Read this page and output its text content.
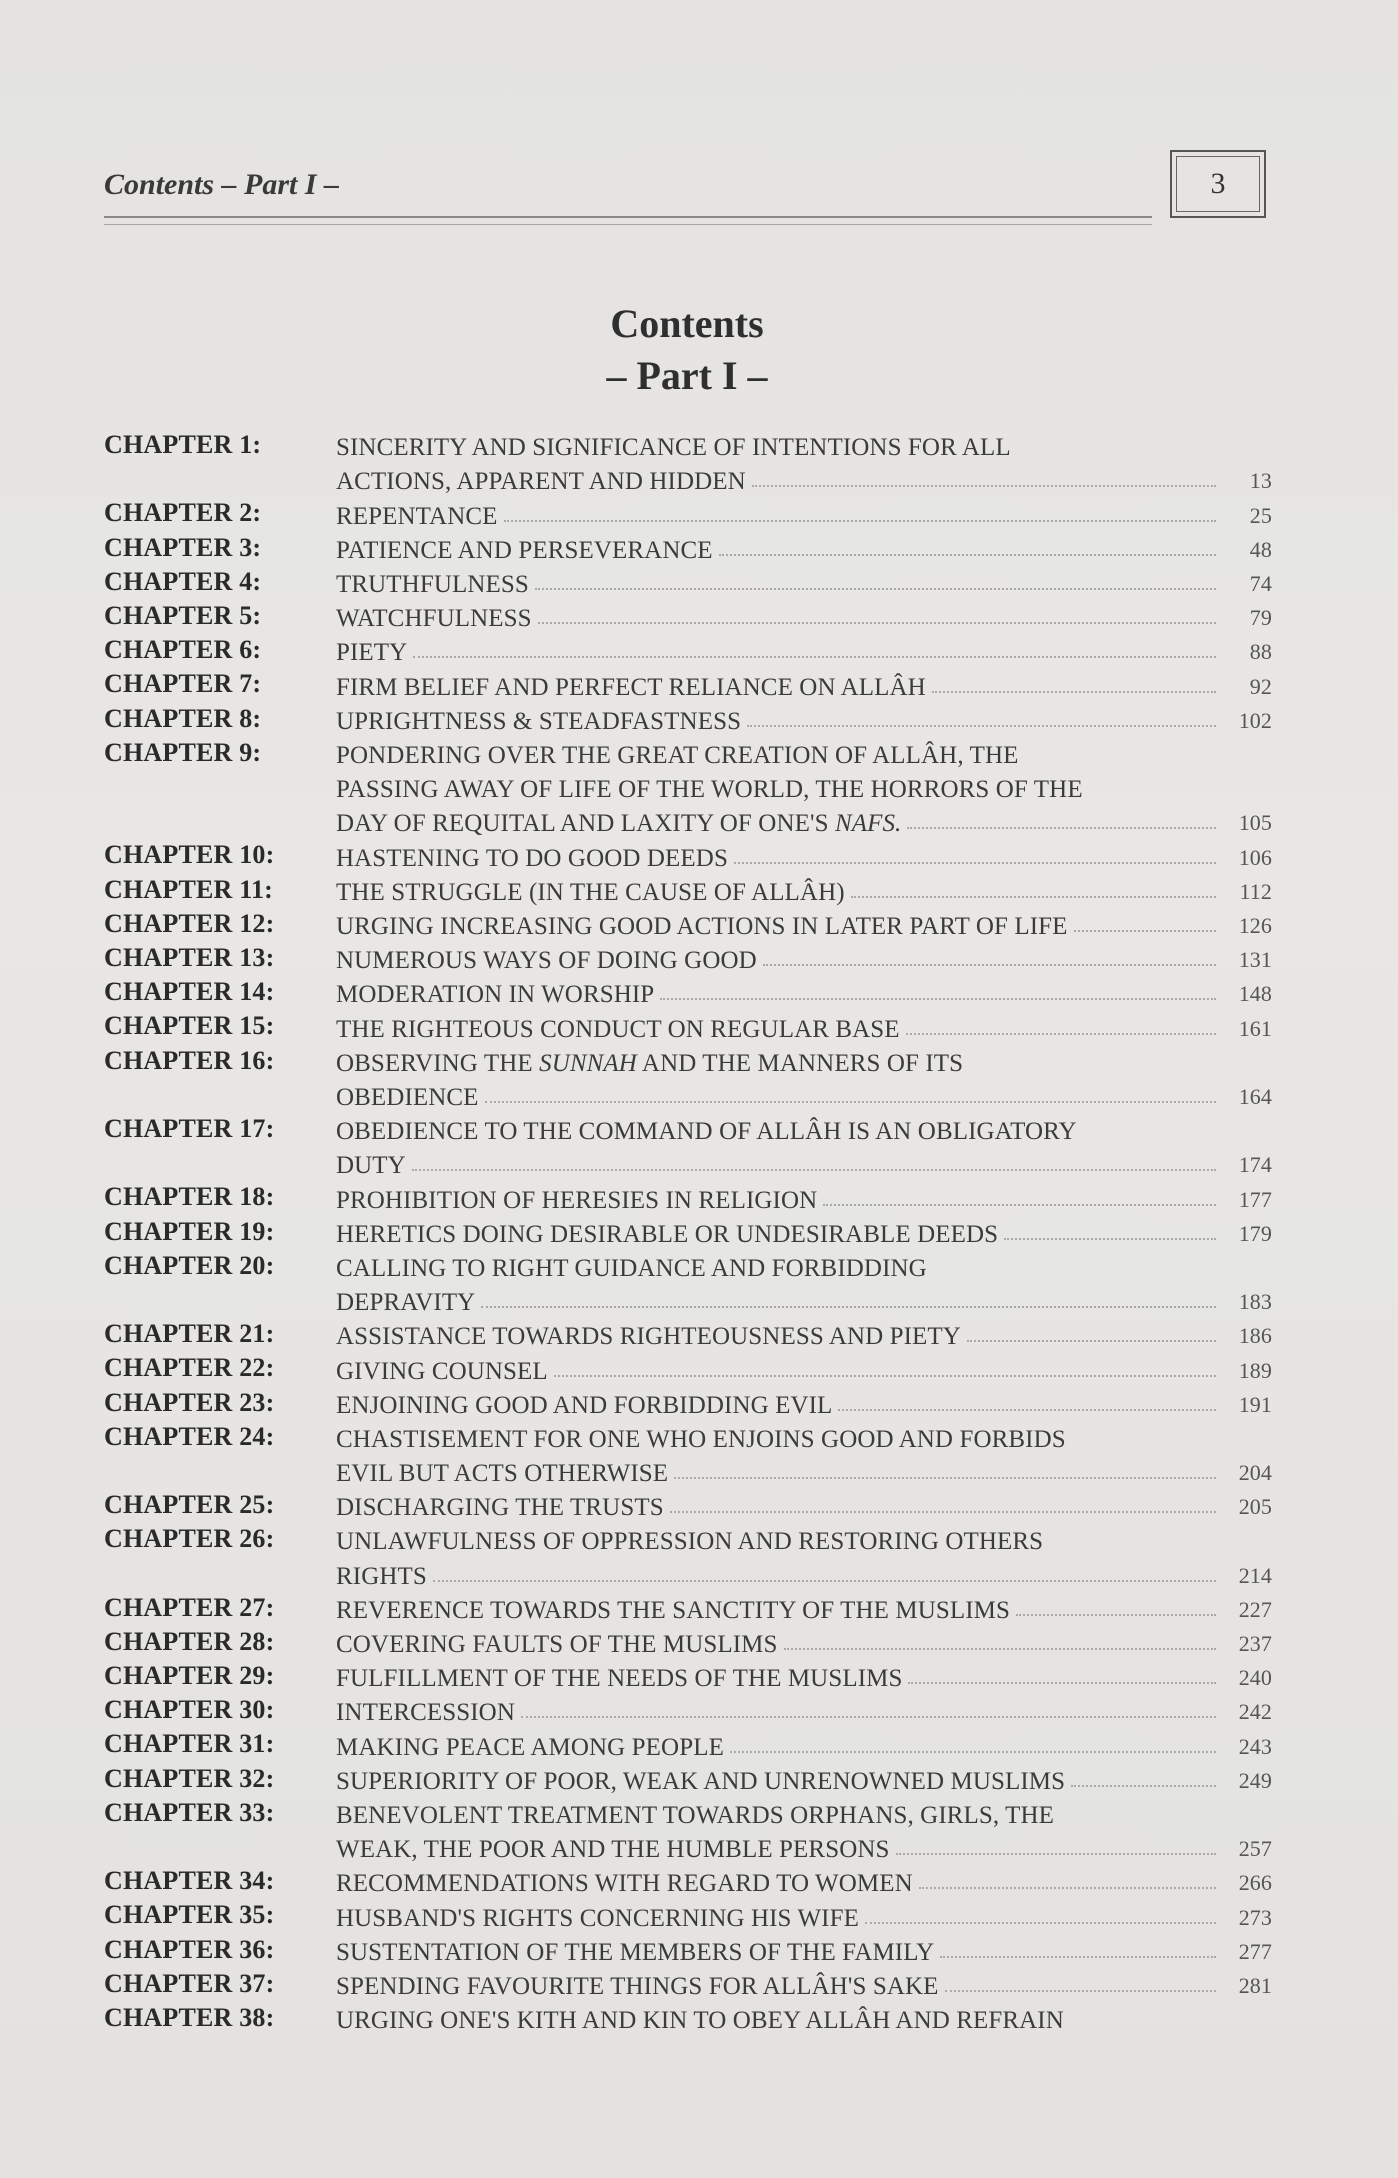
Contents – Part I –	3
Contents
– Part I –
CHAPTER 1:	SINCERITY AND SIGNIFICANCE OF INTENTIONS FOR ALL
ACTIONS, APPARENT AND HIDDEN	13
CHAPTER 2:	REPENTANCE	25
CHAPTER 3:	PATIENCE AND PERSEVERANCE	48
CHAPTER 4:	TRUTHFULNESS	74
CHAPTER 5:	WATCHFULNESS	79
CHAPTER 6:	PIETY	88
CHAPTER 7:	FIRM BELIEF AND PERFECT RELIANCE ON ALLÂH	92
CHAPTER 8:	UPRIGHTNESS & STEADFASTNESS	102
CHAPTER 9:	PONDERING OVER THE GREAT CREATION OF ALLÂH, THE
PASSING AWAY OF LIFE OF THE WORLD, THE HORRORS OF THE
DAY OF REQUITAL AND LAXITY OF ONE'S NAFS.	105
CHAPTER 10:	HASTENING TO DO GOOD DEEDS	106
CHAPTER 11:	THE STRUGGLE (IN THE CAUSE OF ALLÂH)	112
CHAPTER 12:	URGING INCREASING GOOD ACTIONS IN LATER PART OF LIFE	126
CHAPTER 13:	NUMEROUS WAYS OF DOING GOOD	131
CHAPTER 14:	MODERATION IN WORSHIP	148
CHAPTER 15:	THE RIGHTEOUS CONDUCT ON REGULAR BASE	161
CHAPTER 16:	OBSERVING THE SUNNAH AND THE MANNERS OF ITS
OBEDIENCE	164
CHAPTER 17:	OBEDIENCE TO THE COMMAND OF ALLÂH IS AN OBLIGATORY
DUTY	174
CHAPTER 18:	PROHIBITION OF HERESIES IN RELIGION	177
CHAPTER 19:	HERETICS DOING DESIRABLE OR UNDESIRABLE DEEDS	179
CHAPTER 20:	CALLING TO RIGHT GUIDANCE AND FORBIDDING
DEPRAVITY	183
CHAPTER 21:	ASSISTANCE TOWARDS RIGHTEOUSNESS AND PIETY	186
CHAPTER 22:	GIVING COUNSEL	189
CHAPTER 23:	ENJOINING GOOD AND FORBIDDING EVIL	191
CHAPTER 24:	CHASTISEMENT FOR ONE WHO ENJOINS GOOD AND FORBIDS
EVIL BUT ACTS OTHERWISE	204
CHAPTER 25:	DISCHARGING THE TRUSTS	205
CHAPTER 26:	UNLAWFULNESS OF OPPRESSION AND RESTORING OTHERS
RIGHTS	214
CHAPTER 27:	REVERENCE TOWARDS THE SANCTITY OF THE MUSLIMS	227
CHAPTER 28:	COVERING FAULTS OF THE MUSLIMS	237
CHAPTER 29:	FULFILLMENT OF THE NEEDS OF THE MUSLIMS	240
CHAPTER 30:	INTERCESSION	242
CHAPTER 31:	MAKING PEACE AMONG PEOPLE	243
CHAPTER 32:	SUPERIORITY OF POOR, WEAK AND UNRENOWNED MUSLIMS	249
CHAPTER 33:	BENEVOLENT TREATMENT TOWARDS ORPHANS, GIRLS, THE
WEAK, THE POOR AND THE HUMBLE PERSONS	257
CHAPTER 34:	RECOMMENDATIONS WITH REGARD TO WOMEN	266
CHAPTER 35:	HUSBAND'S RIGHTS CONCERNING HIS WIFE	273
CHAPTER 36:	SUSTENTATION OF THE MEMBERS OF THE FAMILY	277
CHAPTER 37:	SPENDING FAVOURITE THINGS FOR ALLÂH'S SAKE	281
CHAPTER 38:	URGING ONE'S KITH AND KIN TO OBEY ALLÂH AND REFRAIN
